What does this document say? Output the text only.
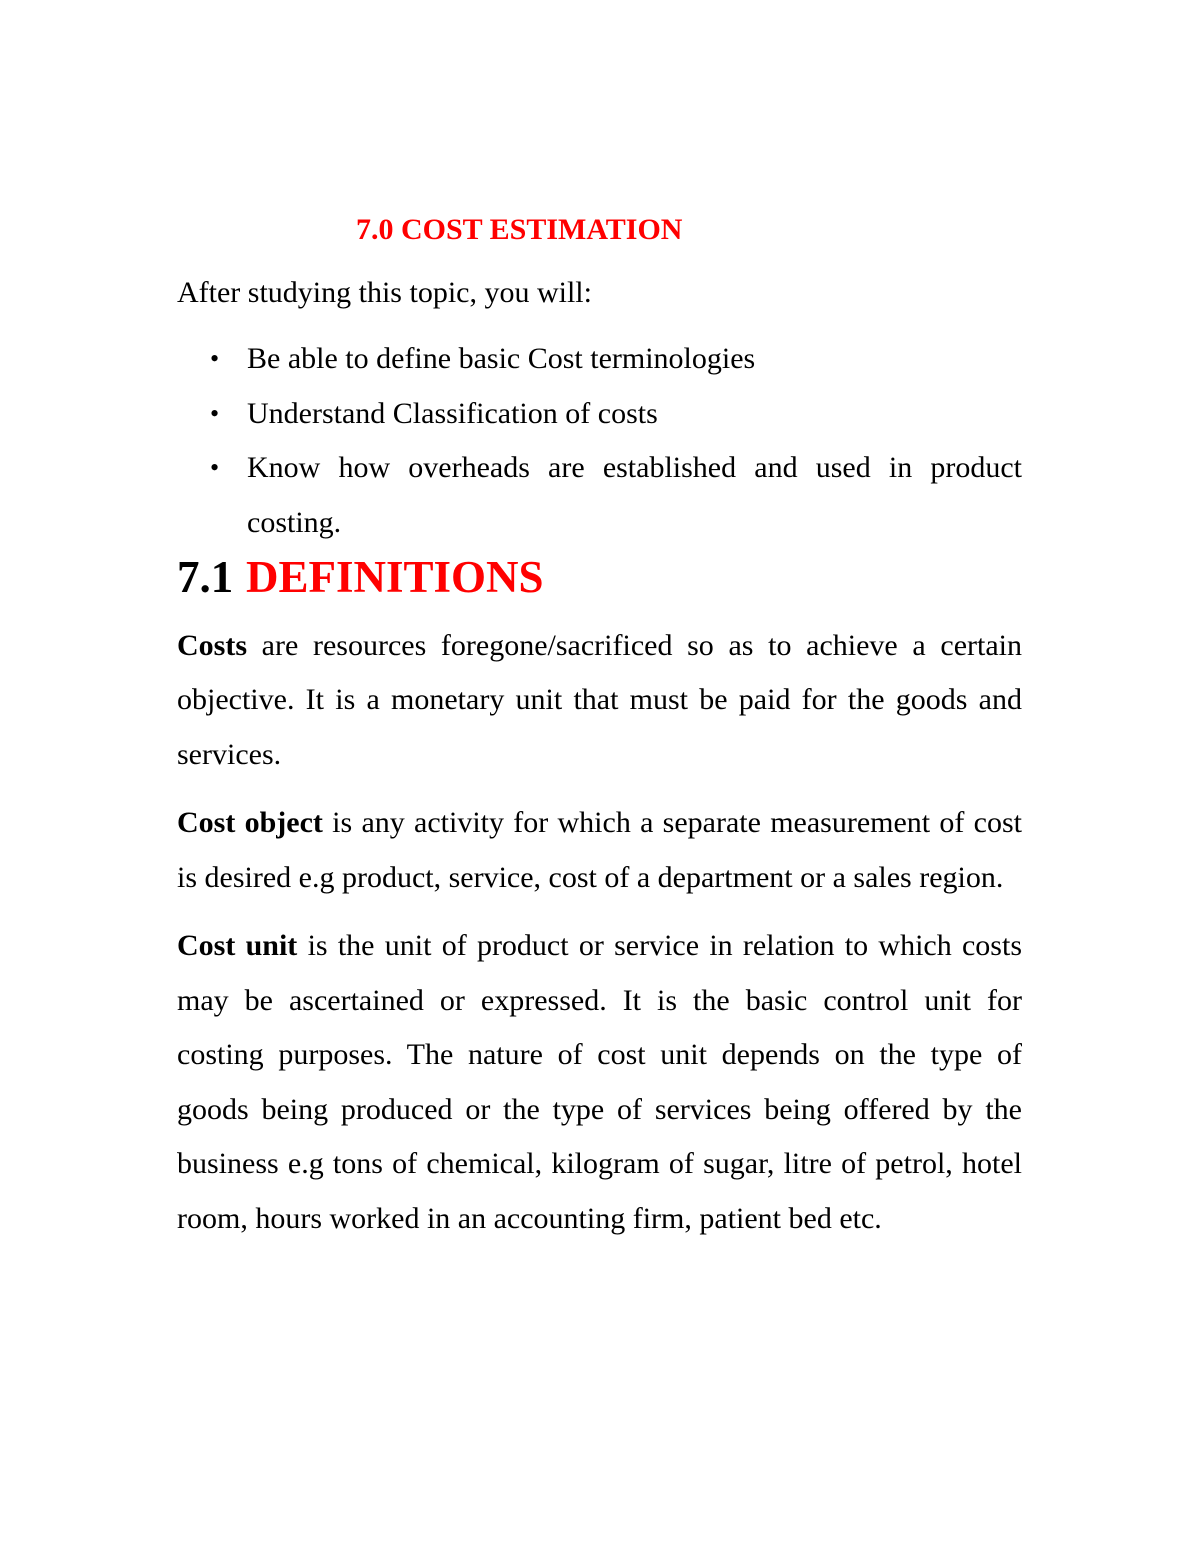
7.0 COST ESTIMATION

After studying this topic, you will:

• Be able to define basic Cost terminologies
• Understand Classification of costs
• Know how overheads are established and used in product costing.
7.1 DEFINITIONS

Costs are resources foregone/sacrificed so as to achieve a certain objective. It is a monetary unit that must be paid for the goods and services.

Cost object is any activity for which a separate measurement of cost is desired e.g product, service, cost of a department or a sales region.

Cost unit is the unit of product or service in relation to which costs may be ascertained or expressed. It is the basic control unit for costing purposes. The nature of cost unit depends on the type of goods being produced or the type of services being offered by the business e.g tons of chemical, kilogram of sugar, litre of petrol, hotel room, hours worked in an accounting firm, patient bed etc.
